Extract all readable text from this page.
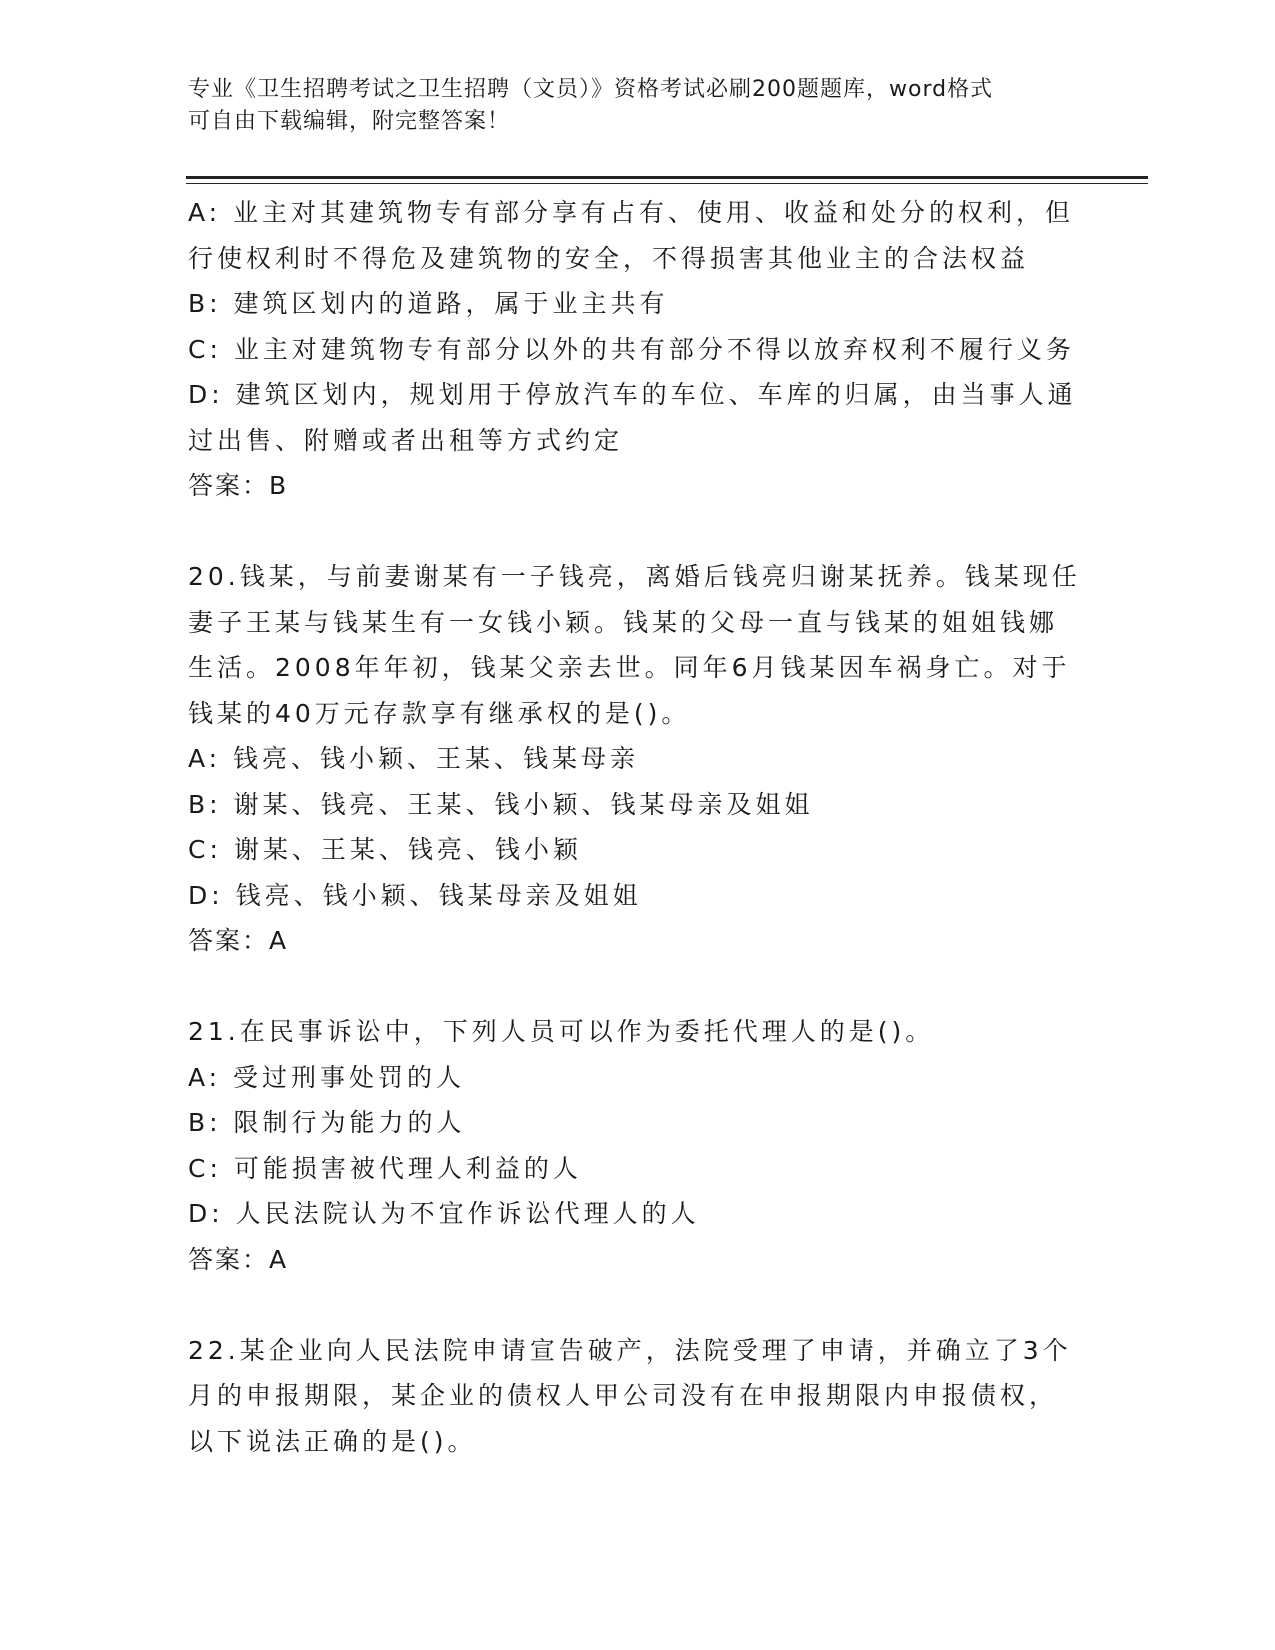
专业《卫生招聘考试之卫生招聘（文员）》资格考试必刷200题题库，word格式
可自由下载编辑，附完整答案！
A: 业主对其建筑物专有部分享有占有、使用、收益和处分的权利，但
行使权利时不得危及建筑物的安全，不得损害其他业主的合法权益
B: 建筑区划内的道路，属于业主共有
C: 业主对建筑物专有部分以外的共有部分不得以放弃权利不履行义务
D: 建筑区划内，规划用于停放汽车的车位、车库的归属，由当事人通
过出售、附赠或者出租等方式约定
答案：B
20.钱某，与前妻谢某有一子钱亮，离婚后钱亮归谢某抚养。钱某现任
妻子王某与钱某生有一女钱小颖。钱某的父母一直与钱某的姐姐钱娜
生活。2008年年初，钱某父亲去世。同年6月钱某因车祸身亡。对于
钱某的40万元存款享有继承权的是()。
A: 钱亮、钱小颖、王某、钱某母亲
B: 谢某、钱亮、王某、钱小颖、钱某母亲及姐姐
C: 谢某、王某、钱亮、钱小颖
D: 钱亮、钱小颖、钱某母亲及姐姐
答案：A
21.在民事诉讼中，下列人员可以作为委托代理人的是()。
A: 受过刑事处罚的人
B: 限制行为能力的人
C: 可能损害被代理人利益的人
D: 人民法院认为不宜作诉讼代理人的人
答案：A
22.某企业向人民法院申请宣告破产，法院受理了申请，并确立了3个
月的申报期限，某企业的债权人甲公司没有在申报期限内申报债权，
以下说法正确的是()。
